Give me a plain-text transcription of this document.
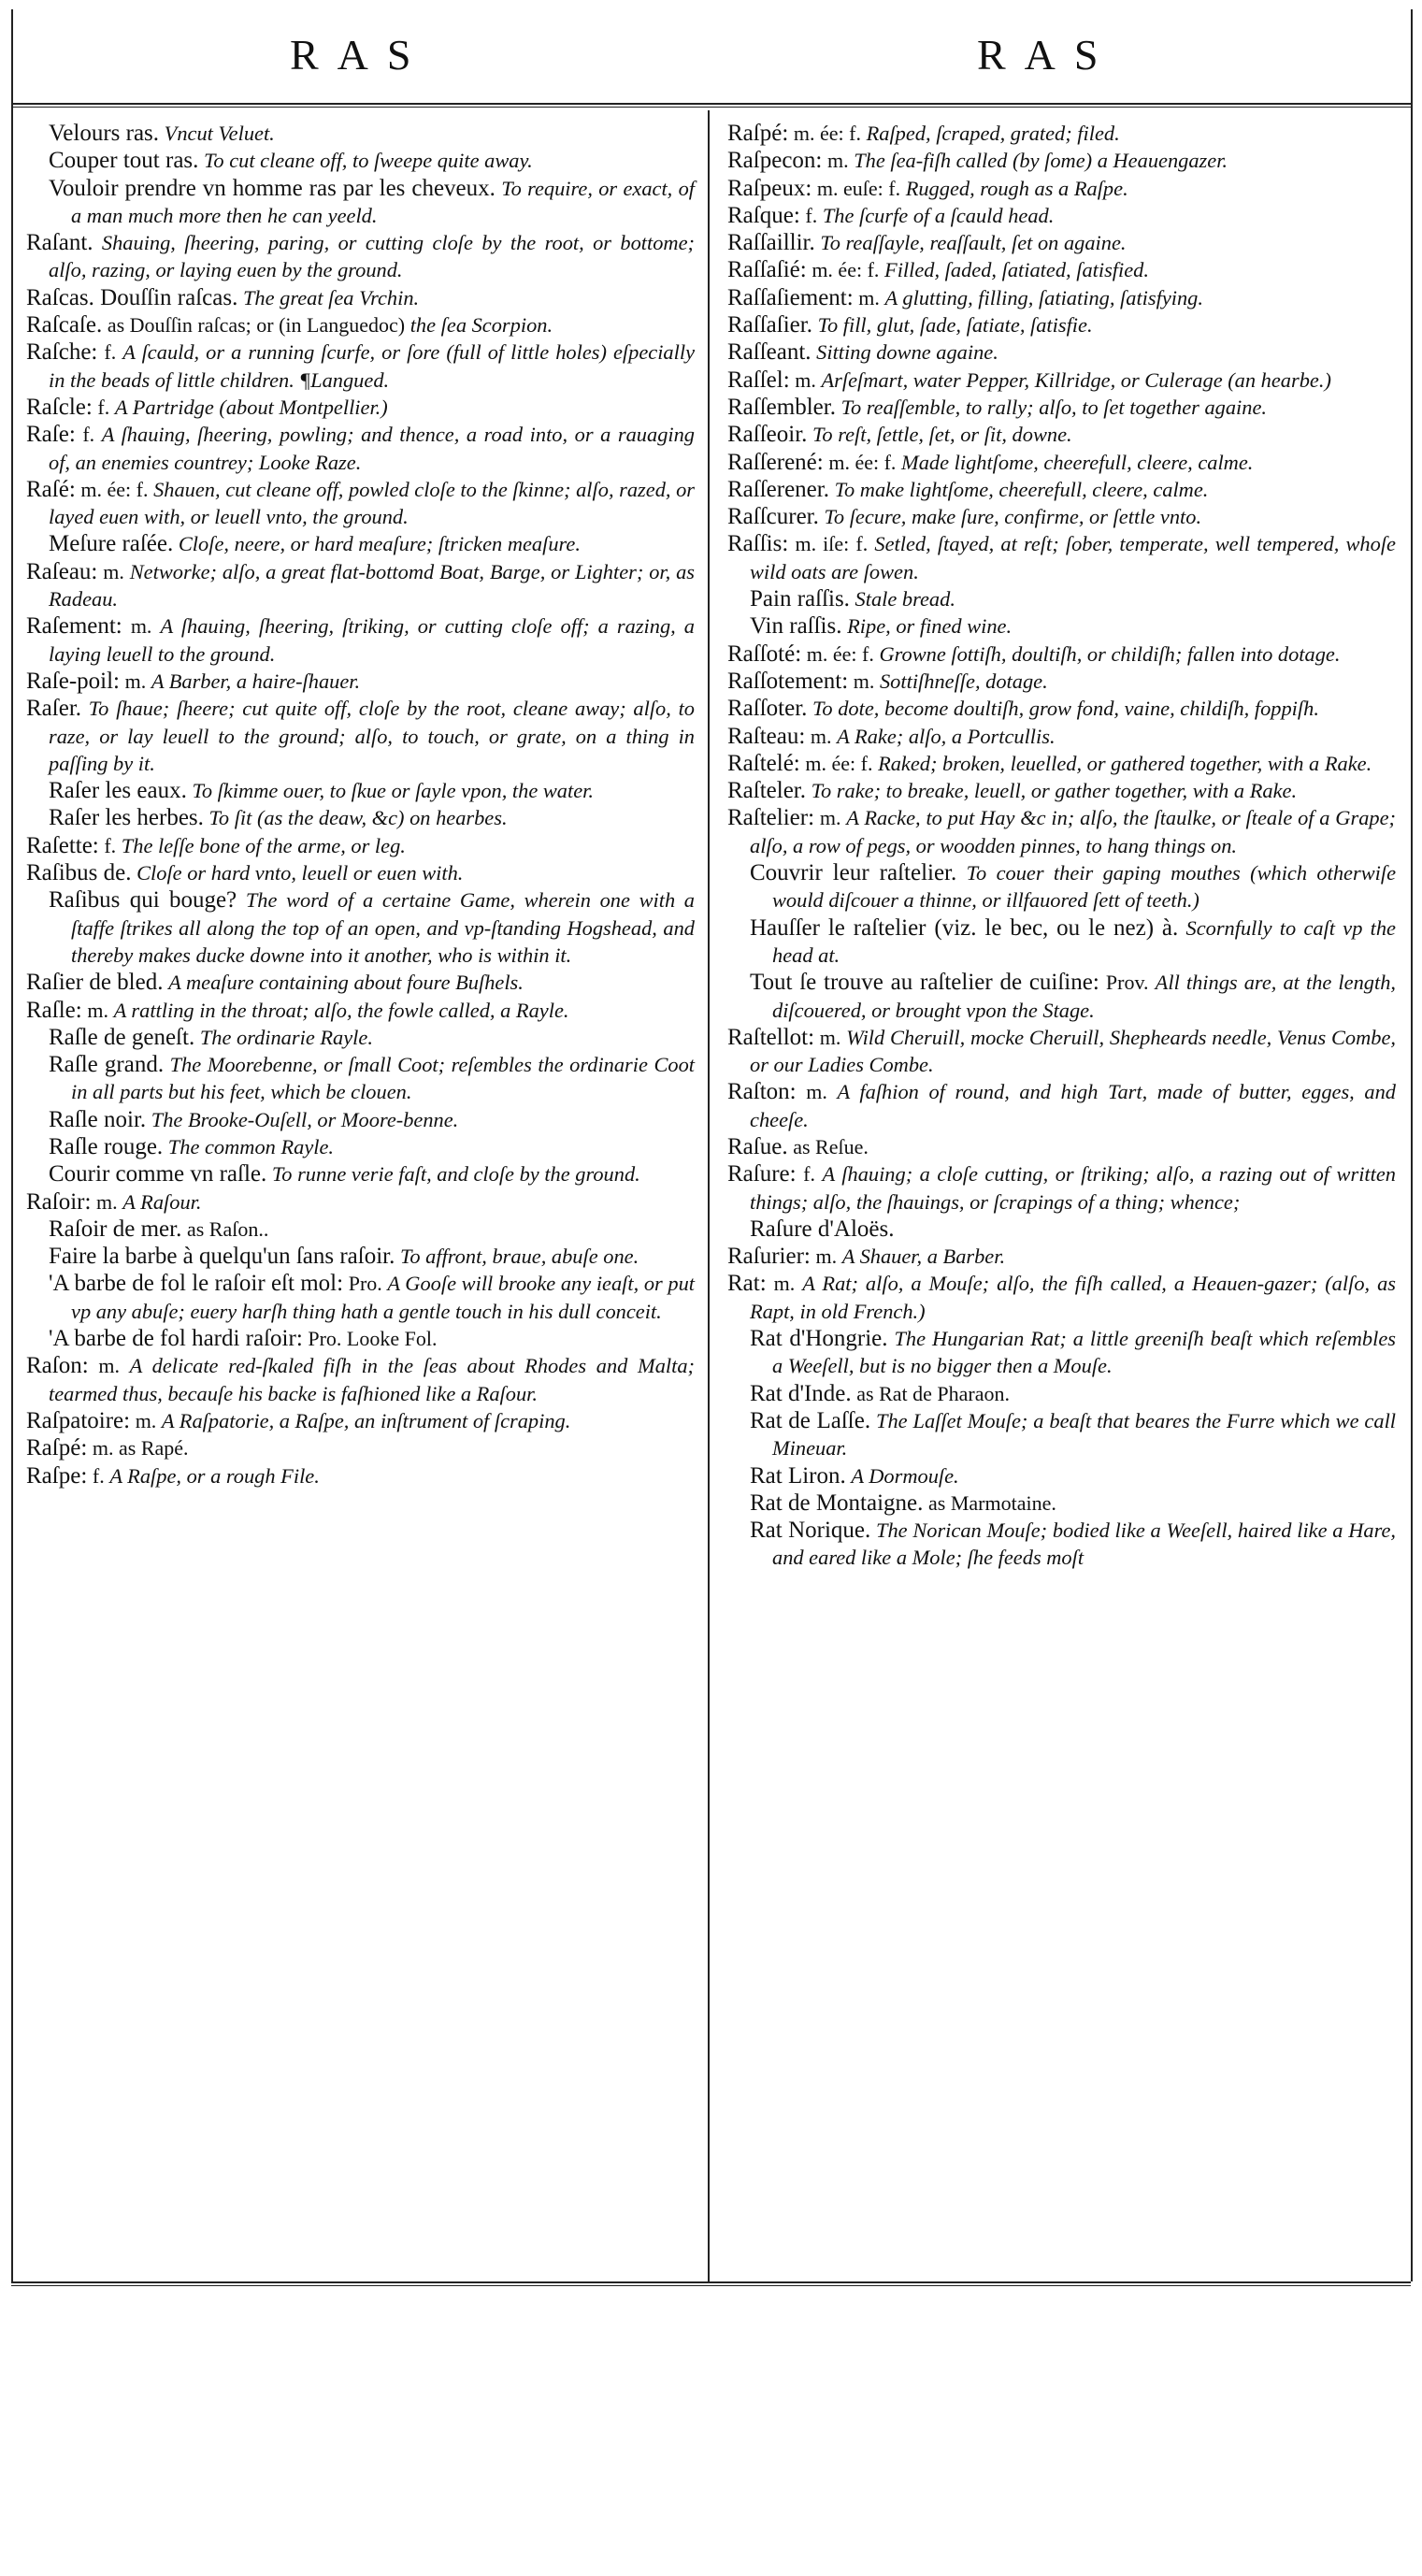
RAS	RAS

Velours ras. Vncut Veluet.

Couper tout ras. To cut cleane off, to ſweepe quite away.

Vouloir prendre vn homme ras par les cheveux. To require, or exact, of a man much more then he can yeeld.

Raſant. Shauing, ſheering, paring, or cutting cloſe by the root, or bottome; alſo, razing, or laying euen by the ground.

Raſcas. Douſſin raſcas. The great ſea Vrchin.

Raſcaſe. as Douſſin raſcas; or (in Languedoc) the ſea Scorpion.

Raſche: f. A ſcauld, or a running ſcurfe, or ſore (full of little holes) eſpecially in the beads of little children. ¶Langued.

Raſcle: f. A Partridge (about Montpellier.)

Raſe: f. A ſhauing, ſheering, powling; and thence, a road into, or a rauaging of, an enemies countrey; Looke Raze.

Raſé: m. ée: f. Shauen, cut cleane off, powled cloſe to the ſkinne; alſo, razed, or layed euen with, or leuell vnto, the ground.

Meſure raſée. Cloſe, neere, or hard meaſure; ſtricken meaſure.

Raſeau: m. Networke; alſo, a great flat-bottomd Boat, Barge, or Lighter; or, as Radeau.

Raſement: m. A ſhauing, ſheering, ſtriking, or cutting cloſe off; a razing, a laying leuell to the ground.

Raſe-poil: m. A Barber, a haire-ſhauer.

Raſer. To ſhaue; ſheere; cut quite off, cloſe by the root, cleane away; alſo, to raze, or lay leuell to the ground; alſo, to touch, or grate, on a thing in paſſing by it.

Raſer les eaux. To ſkimme ouer, to ſkue or ſayle vpon, the water.

Raſer les herbes. To ſit (as the deaw, &c) on hearbes.

Raſette: f. The leſſe bone of the arme, or leg.

Raſibus de. Cloſe or hard vnto, leuell or euen with.

Raſibus qui bouge? The word of a certaine Game, wherein one with a ſtaffe ſtrikes all along the top of an open, and vp-ſtanding Hogshead, and thereby makes ducke downe into it another, who is within it.

Raſier de bled. A meaſure containing about foure Buſhels.

Raſle: m. A rattling in the throat; alſo, the fowle called, a Rayle.

Raſle de geneſt. The ordinarie Rayle.

Raſle grand. The Moorebenne, or ſmall Coot; reſembles the ordinarie Coot in all parts but his feet, which be clouen.

Raſle noir. The Brooke-Ouſell, or Moore-benne.

Raſle rouge. The common Rayle.

Courir comme vn raſle. To runne verie faſt, and cloſe by the ground.

Raſoir: m. A Raſour.

Raſoir de mer. as Raſon..

Faire la barbe à quelqu'un ſans raſoir. To affront, braue, abuſe one.

'A barbe de fol le raſoir eſt mol: Pro. A Gooſe will brooke any ieaſt, or put vp any abuſe; euery harſh thing hath a gentle touch in his dull conceit.

'A barbe de fol hardi raſoir: Pro. Looke Fol.

Raſon: m. A delicate red-ſkaled fiſh in the ſeas about Rhodes and Malta; tearmed thus, becauſe his backe is faſhioned like a Raſour.

Raſpatoire: m. A Raſpatorie, a Raſpe, an inſtrument of ſcraping.

Raſpé: m. as Rapé.

Raſpe: f. A Raſpe, or a rough File.

Raſpé: m. ée: f. Raſped, ſcraped, grated; filed.

Raſpecon: m. The ſea-fiſh called (by ſome) a Heauengazer.

Raſpeux: m. euſe: f. Rugged, rough as a Raſpe.

Raſque: f. The ſcurfe of a ſcauld head.

Raſſaillir. To reaſſayle, reaſſault, ſet on againe.

Raſſaſié: m. ée: f. Filled, ſaded, ſatiated, ſatisfied.

Raſſaſiement: m. A glutting, filling, ſatiating, ſatisfying.

Raſſaſier. To fill, glut, ſade, ſatiate, ſatisfie.

Raſſeant. Sitting downe againe.

Raſſel: m. Arſeſmart, water Pepper, Killridge, or Culerage (an hearbe.)

Raſſembler. To reaſſemble, to rally; alſo, to ſet together againe.

Raſſeoir. To reſt, ſettle, ſet, or ſit, downe.

Raſſerené: m. ée: f. Made lightſome, cheerefull, cleere, calme.

Raſſerener. To make lightſome, cheerefull, cleere, calme.

Raſſcurer. To ſecure, make ſure, confirme, or ſettle vnto.

Raſſis: m. iſe: f. Setled, ſtayed, at reſt; ſober, temperate, well tempered, whoſe wild oats are ſowen.

Pain raſſis. Stale bread.

Vin raſſis. Ripe, or fined wine.

Raſſoté: m. ée: f. Growne ſottiſh, doultiſh, or childiſh; fallen into dotage.

Raſſotement: m. Sottiſhneſſe, dotage.

Raſſoter. To dote, become doultiſh, grow fond, vaine, childiſh, foppiſh.

Raſteau: m. A Rake; alſo, a Portcullis.

Raſtelé: m. ée: f. Raked; broken, leuelled, or gathered together, with a Rake.

Raſteler. To rake; to breake, leuell, or gather together, with a Rake.

Raſtelier: m. A Racke, to put Hay &c in; alſo, the ſtaulke, or ſteale of a Grape; alſo, a row of pegs, or woodden pinnes, to hang things on.

Couvrir leur raſtelier. To couer their gaping mouthes (which otherwiſe would diſcouer a thinne, or illfauored ſett of teeth.)

Hauſſer le raſtelier (viz. le bec, ou le nez) à. Scornfully to caſt vp the head at.

Tout ſe trouve au raſtelier de cuiſine: Prov. All things are, at the length, diſcouered, or brought vpon the Stage.

Raſtellot: m. Wild Cheruill, mocke Cheruill, Shepheards needle, Venus Combe, or our Ladies Combe.

Raſton: m. A faſhion of round, and high Tart, made of butter, egges, and cheeſe.

Raſue. as Reſue.

Raſure: f. A ſhauing; a cloſe cutting, or ſtriking; alſo, a razing out of written things; alſo, the ſhauings, or ſcrapings of a thing; whence;

Raſure d'Aloës.

Raſurier: m. A Shauer, a Barber.

Rat: m. A Rat; alſo, a Mouſe; alſo, the fiſh called, a Heauen-gazer; (alſo, as Rapt, in old French.)

Rat d'Hongrie. The Hungarian Rat; a little greeniſh beaſt which reſembles a Weeſell, but is no bigger then a Mouſe.

Rat d'Inde. as Rat de Pharaon.

Rat de Laſſe. The Laſſet Mouſe; a beaſt that beares the Furre which we call Mineuar.

Rat Liron. A Dormouſe.

Rat de Montaigne. as Marmotaine.

Rat Norique. The Norican Mouſe; bodied like a Weeſell, haired like a Hare, and eared like a Mole; ſhe feeds moſt
